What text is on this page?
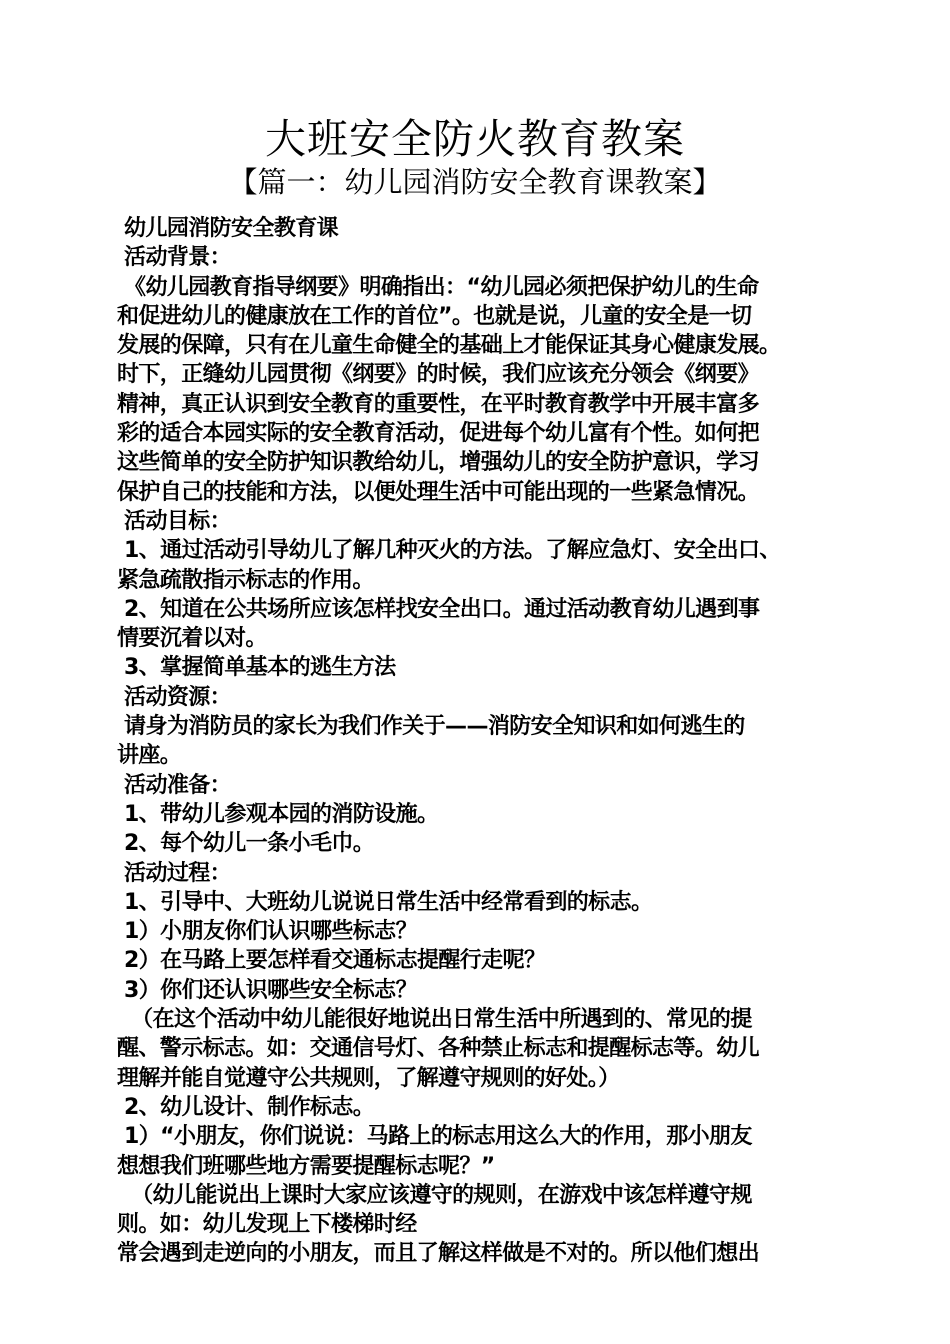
大班安全防火教育教案
【篇一：幼儿园消防安全教育课教案】
幼儿园消防安全教育课
活动背景：
《幼儿园教育指导纲要》明确指出：“幼儿园必须把保护幼儿的生命
和促进幼儿的健康放在工作的首位”。也就是说，儿童的安全是一切
发展的保障，只有在儿童生命健全的基础上才能保证其身心健康发展。
时下，正缝幼儿园贯彻《纲要》的时候，我们应该充分领会《纲要》
精神，真正认识到安全教育的重要性，在平时教育教学中开展丰富多
彩的适合本园实际的安全教育活动，促进每个幼儿富有个性。如何把
这些简单的安全防护知识教给幼儿，增强幼儿的安全防护意识，学习
保护自己的技能和方法，以便处理生活中可能出现的一些紧急情况。
活动目标：
1、通过活动引导幼儿了解几种灭火的方法。了解应急灯、安全出口、
紧急疏散指示标志的作用。
2、知道在公共场所应该怎样找安全出口。通过活动教育幼儿遇到事
情要沉着以对。
3、掌握简单基本的逃生方法
活动资源：
请身为消防员的家长为我们作关于——消防安全知识和如何逃生的
讲座。
活动准备：
1、带幼儿参观本园的消防设施。
2、每个幼儿一条小毛巾。
活动过程：
1、引导中、大班幼儿说说日常生活中经常看到的标志。
1）小朋友你们认识哪些标志？
2）在马路上要怎样看交通标志提醒行走呢？
3）你们还认识哪些安全标志？
（在这个活动中幼儿能很好地说出日常生活中所遇到的、常见的提
醒、警示标志。如：交通信号灯、各种禁止标志和提醒标志等。幼儿
理解并能自觉遵守公共规则，了解遵守规则的好处。）
2、幼儿设计、制作标志。
1）“小朋友，你们说说：马路上的标志用这么大的作用，那小朋友
想想我们班哪些地方需要提醒标志呢？”
（幼儿能说出上课时大家应该遵守的规则，在游戏中该怎样遵守规
则。如：幼儿发现上下楼梯时经
常会遇到走逆向的小朋友，而且了解这样做是不对的。所以他们想出
